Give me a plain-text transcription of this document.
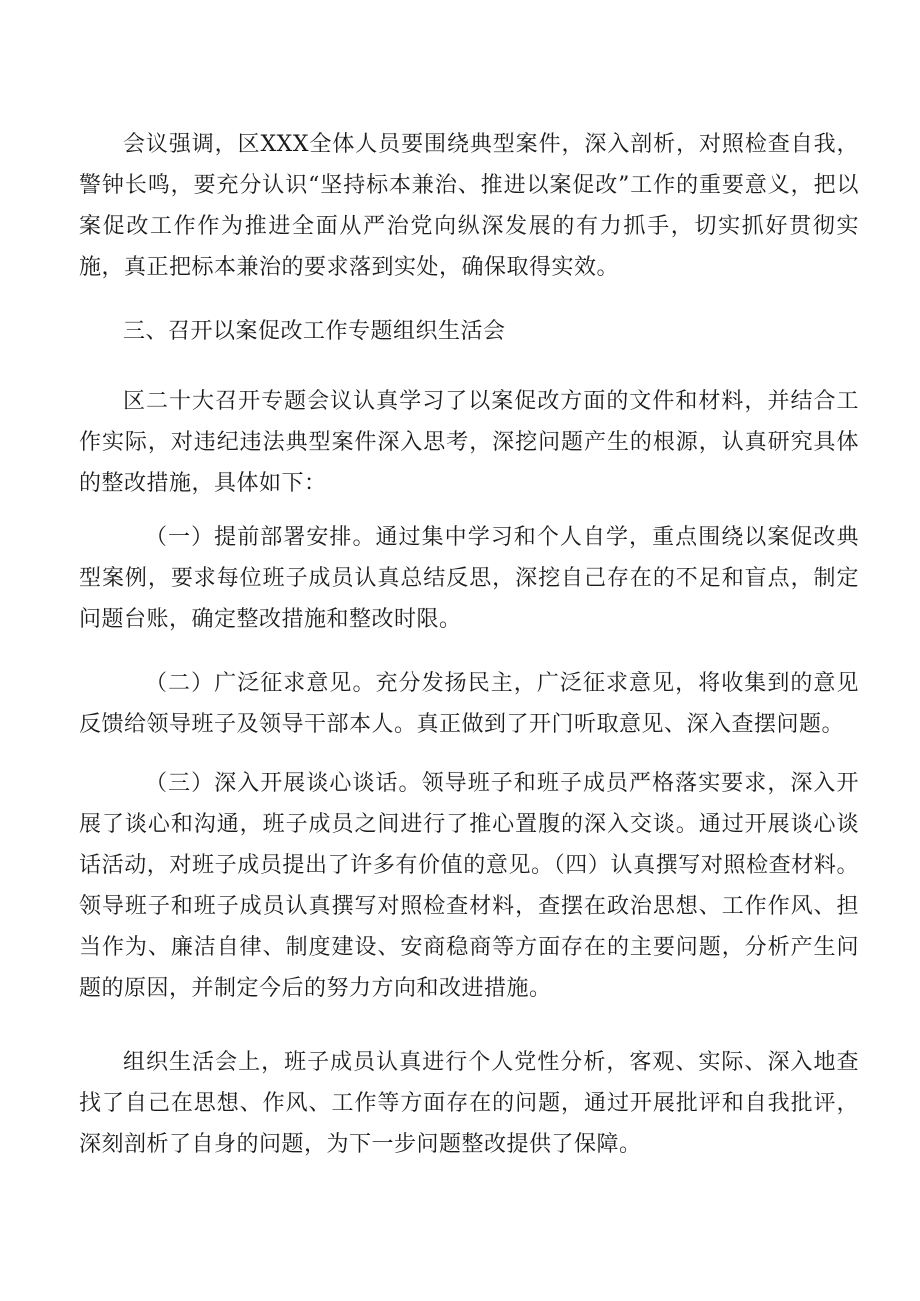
会议强调，区XXX全体人员要围绕典型案件，深入剖析，对照检查自我，警钟长鸣，要充分认识“坚持标本兼治、推进以案促改”工作的重要意义，把以案促改工作作为推进全面从严治党向纵深发展的有力抓手，切实抓好贯彻实施，真正把标本兼治的要求落到实处，确保取得实效。

三、召开以案促改工作专题组织生活会

区二十大召开专题会议认真学习了以案促改方面的文件和材料，并结合工作实际，对违纪违法典型案件深入思考，深挖问题产生的根源，认真研究具体的整改措施，具体如下：

（一）提前部署安排。通过集中学习和个人自学，重点围绕以案促改典型案例，要求每位班子成员认真总结反思，深挖自己存在的不足和盲点，制定问题台账，确定整改措施和整改时限。

（二）广泛征求意见。充分发扬民主，广泛征求意见，将收集到的意见反馈给领导班子及领导干部本人。真正做到了开门听取意见、深入查摆问题。

（三）深入开展谈心谈话。领导班子和班子成员严格落实要求，深入开展了谈心和沟通，班子成员之间进行了推心置腹的深入交谈。通过开展谈心谈话活动，对班子成员提出了许多有价值的意见。（四）认真撰写对照检查材料。领导班子和班子成员认真撰写对照检查材料，查摆在政治思想、工作作风、担当作为、廉洁自律、制度建设、安商稳商等方面存在的主要问题，分析产生问题的原因，并制定今后的努力方向和改进措施。

组织生活会上，班子成员认真进行个人党性分析，客观、实际、深入地查找了自己在思想、作风、工作等方面存在的问题，通过开展批评和自我批评，深刻剖析了自身的问题，为下一步问题整改提供了保障。
